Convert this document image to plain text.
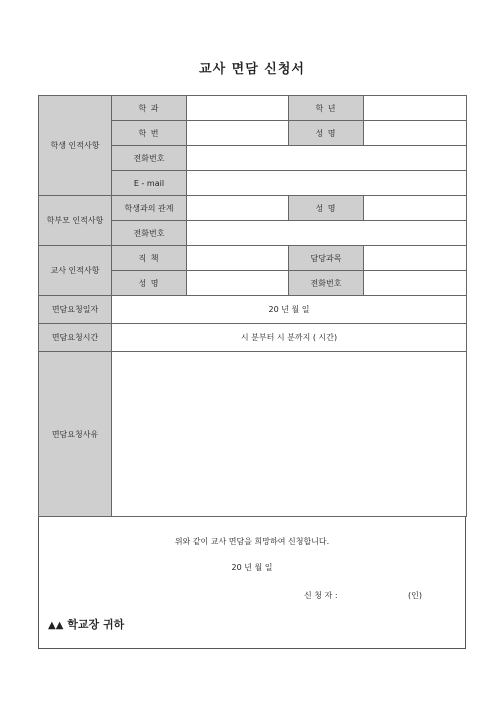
교사 면담 신청서
학생 인적사항	학 과		학 년	
	학 번		성 명	
	전화번호			
	E - mail			
학부모 인적사항	학생과의 관계		성 명	
	전화번호			
교사 인적사항	직 책		담당과목	
	성 명		전화번호	
면담요청일자	20 년 월 일			
면담요청시간	시 분부터 시 분까지 ( 시간)			
면담요청사유				
위와 같이 교사 면담을 희망하여 신청합니다.
20 년 월 일
신 청 자 :	(인)
▲▲ 학교장 귀하
